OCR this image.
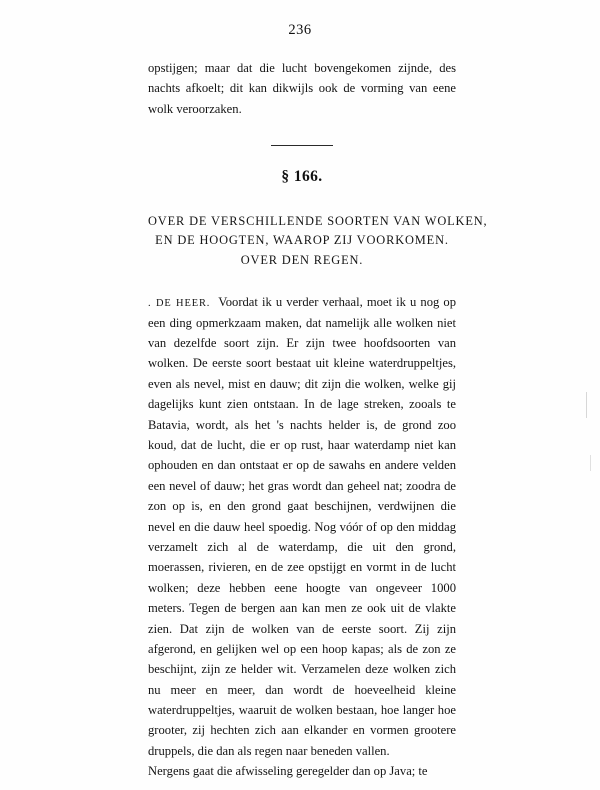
236

opstijgen; maar dat die lucht bovengekomen zijnde, des nachts afkoelt; dit kan dikwijls ook de vorming van eene wolk veroorzaken.

§ 166.
OVER DE VERSCHILLENDE SOORTEN VAN WOLKEN,
EN DE HOOGTEN, WAAROP ZIJ VOORKOMEN.
OVER DEN REGEN.

. DE HEER. Voordat ik u verder verhaal, moet ik u nog op een ding opmerkzaam maken, dat namelijk alle wolken niet van dezelfde soort zijn. Er zijn twee hoofdsoorten van wolken. De eerste soort bestaat uit kleine waterdruppeltjes, even als nevel, mist en dauw; dit zijn die wolken, welke gij dagelijks kunt zien ontstaan. In de lage streken, zooals te Batavia, wordt, als het 's nachts helder is, de grond zoo koud, dat de lucht, die er op rust, haar waterdamp niet kan ophouden en dan ontstaat er op de sawahs en andere velden een nevel of dauw; het gras wordt dan geheel nat; zoodra de zon op is, en den grond gaat beschijnen, verdwijnen die nevel en die dauw heel spoedig. Nog vóór of op den middag verzamelt zich al de waterdamp, die uit den grond, moerassen, rivieren, en de zee opstijgt en vormt in de lucht wolken; deze hebben eene hoogte van ongeveer 1000 meters. Tegen de bergen aan kan men ze ook uit de vlakte zien. Dat zijn de wolken van de eerste soort. Zij zijn afgerond, en gelijken wel op een hoop kapas; als de zon ze beschijnt, zijn ze helder wit. Verzamelen deze wolken zich nu meer en meer, dan wordt de hoeveelheid kleine waterdruppeltjes, waaruit de wolken bestaan, hoe langer hoe grooter, zij hechten zich aan elkander en vormen grootere druppels, die dan als regen naar beneden vallen.

Nergens gaat die afwisseling geregelder dan op Java; te
